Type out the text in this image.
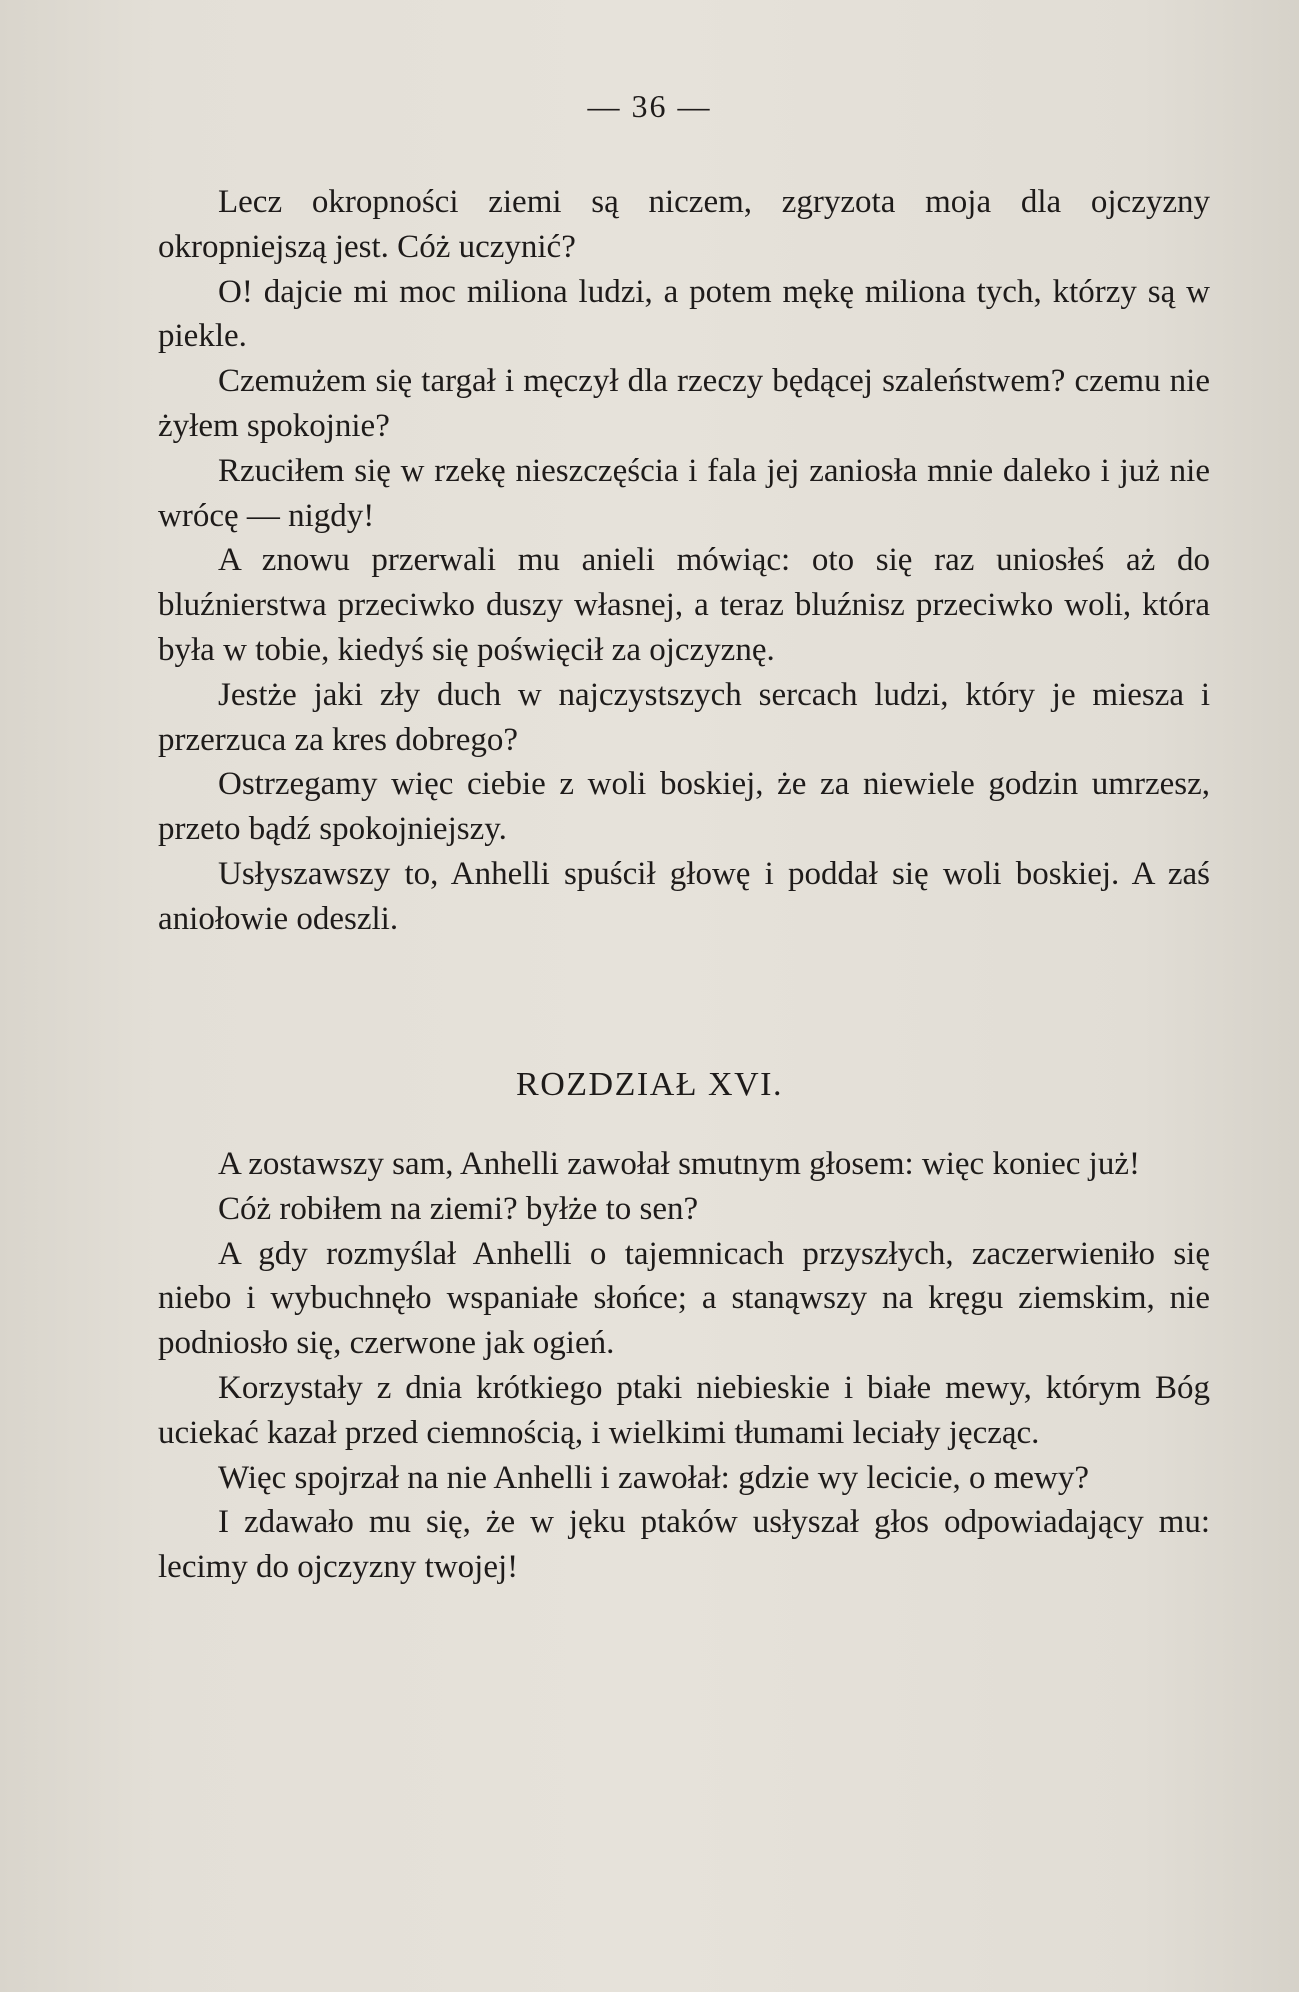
— 36 —

Lecz okropności ziemi są niczem, zgryzota moja dla ojczyzny okropniejszą jest. Cóż uczynić?

O! dajcie mi moc miliona ludzi, a potem mękę miliona tych, którzy są w piekle.

Czemużem się targał i męczył dla rzeczy będącej szaleństwem? czemu nie żyłem spokojnie?

Rzuciłem się w rzekę nieszczęścia i fala jej zaniosła mnie daleko i już nie wrócę — nigdy!

A znowu przerwali mu anieli mówiąc: oto się raz uniosłeś aż do bluźnierstwa przeciwko duszy własnej, a teraz bluźnisz przeciwko woli, która była w tobie, kiedyś się poświęcił za ojczyznę.

Jestże jaki zły duch w najczystszych sercach ludzi, który je miesza i przerzuca za kres dobrego?

Ostrzegamy więc ciebie z woli boskiej, że za niewiele godzin umrzesz, przeto bądź spokojniejszy.

Usłyszawszy to, Anhelli spuścił głowę i poddał się woli boskiej. A zaś aniołowie odeszli.

ROZDZIAŁ XVI.

A zostawszy sam, Anhelli zawołał smutnym głosem: więc koniec już!

Cóż robiłem na ziemi? byłże to sen?

A gdy rozmyślał Anhelli o tajemnicach przyszłych, zaczerwieniło się niebo i wybuchnęło wspaniałe słońce; a stanąwszy na kręgu ziemskim, nie podniosło się, czerwone jak ogień.

Korzystały z dnia krótkiego ptaki niebieskie i białe mewy, którym Bóg uciekać kazał przed ciemnością, i wielkimi tłumami leciały jęcząc.

Więc spojrzał na nie Anhelli i zawołał: gdzie wy lecicie, o mewy?

I zdawało mu się, że w jęku ptaków usłyszał głos odpowiadający mu: lecimy do ojczyzny twojej!
